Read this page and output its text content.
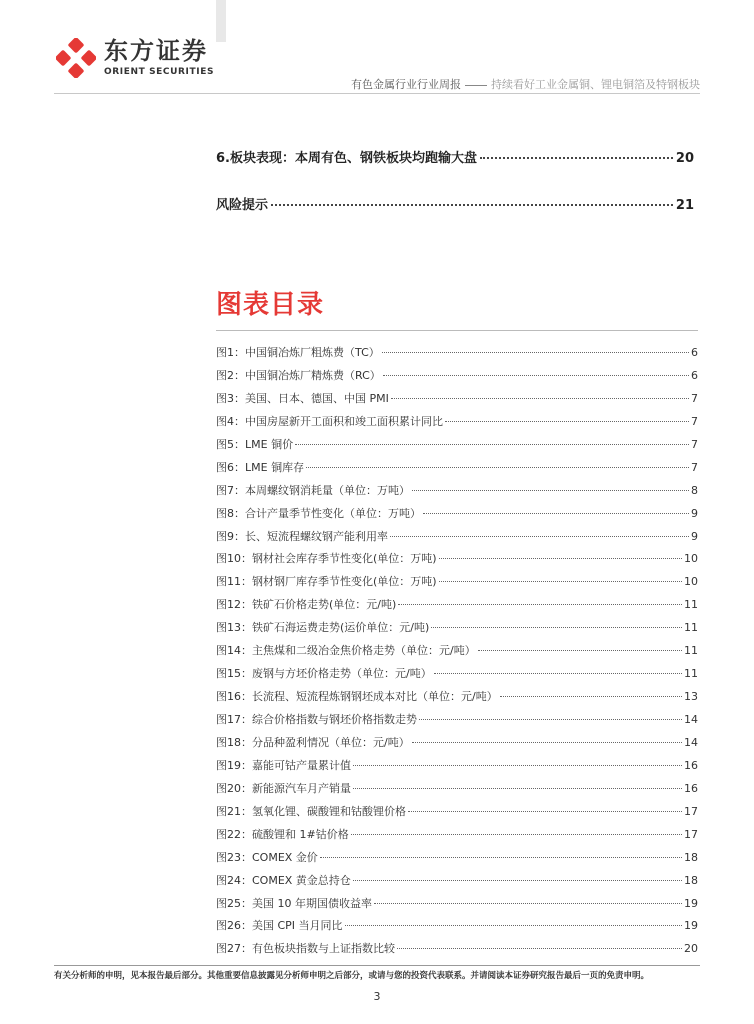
东方证券
ORIENT SECURITIES
有色金属行业行业周报	持续看好工业金属铜、锂电铜箔及特钢板块
6.板块表现：本周有色、钢铁板块均跑输大盘	20
风险提示	21
图表目录
图1：中国铜冶炼厂粗炼费（TC）	6
图2：中国铜冶炼厂精炼费（RC）	6
图3：美国、日本、德国、中国 PMI	7
图4：中国房屋新开工面积和竣工面积累计同比	7
图5：LME 铜价	7
图6：LME 铜库存	7
图7：本周螺纹钢消耗量（单位：万吨）	8
图8：合计产量季节性变化（单位：万吨）	9
图9：长、短流程螺纹钢产能利用率	9
图10：钢材社会库存季节性变化(单位：万吨)	10
图11：钢材钢厂库存季节性变化(单位：万吨)	10
图12：铁矿石价格走势(单位：元/吨)	11
图13：铁矿石海运费走势(运价单位：元/吨)	11
图14：主焦煤和二级冶金焦价格走势（单位：元/吨）	11
图15：废钢与方坯价格走势（单位：元/吨）	11
图16：长流程、短流程炼钢钢坯成本对比（单位：元/吨）	13
图17：综合价格指数与钢坯价格指数走势	14
图18：分品种盈利情况（单位：元/吨）	14
图19：嘉能可钴产量累计值	16
图20：新能源汽车月产销量	16
图21：氢氧化锂、碳酸锂和钴酸锂价格	17
图22：硫酸锂和 1#钴价格	17
图23：COMEX 金价	18
图24：COMEX 黄金总持仓	18
图25：美国 10 年期国债收益率	19
图26：美国 CPI 当月同比	19
图27：有色板块指数与上证指数比较	20
有关分析师的申明，见本报告最后部分。其他重要信息披露见分析师申明之后部分，或请与您的投资代表联系。并请阅读本证券研究报告最后一页的免责申明。
3
